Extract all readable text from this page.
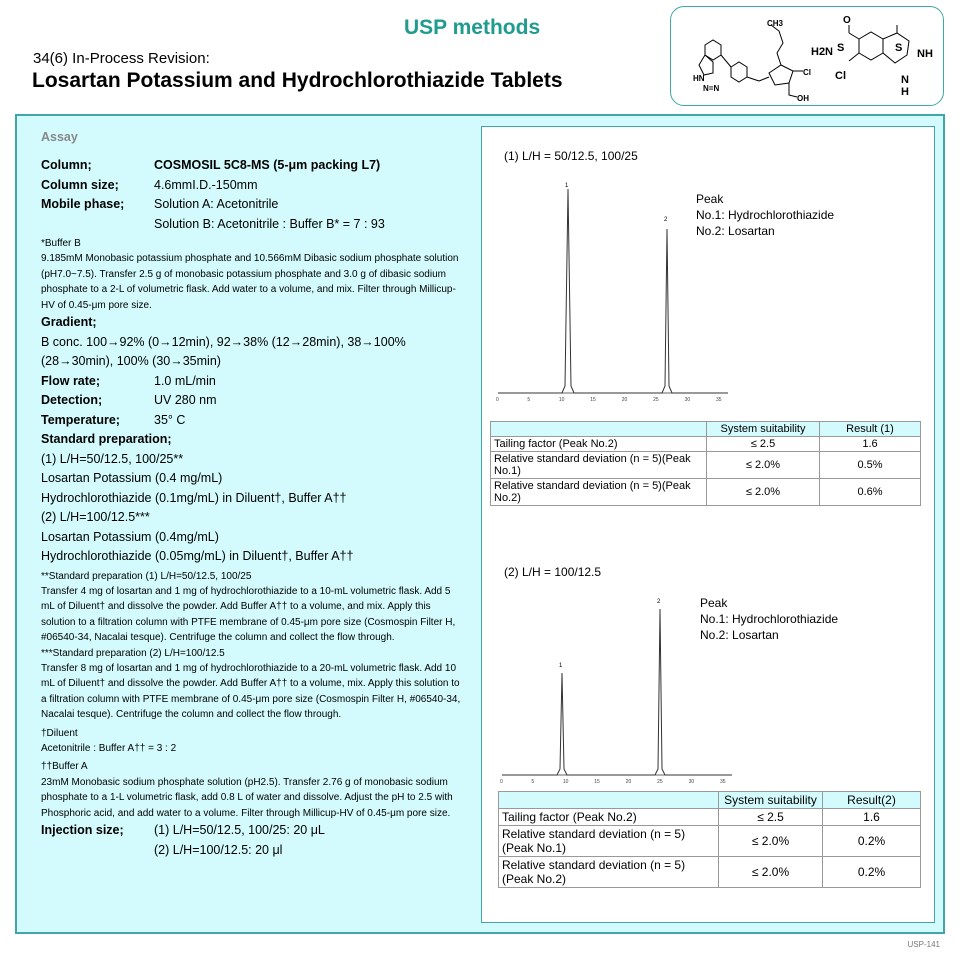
USP methods
34(6) In-Process Revision:
Losartan Potassium and Hydrochlorothiazide Tablets
CH3
HN
N=N
Cl
OH
H2N S	S
Cl
NH
N
H
O
Assay
Column;	COSMOSIL 5C8-MS (5-μm packing L7)
Column size;	4.6mmI.D.-150mm
Mobile phase;	Solution A: Acetonitrile
Solution B: Acetonitrile : Buffer B* = 7 : 93
*Buffer B
9.185mM Monobasic potassium phosphate and 10.566mM Dibasic sodium phosphate solution (pH7.0~7.5). Transfer 2.5 g of monobasic potassium phosphate and 3.0 g of dibasic sodium phosphate to a 2-L of volumetric flask. Add water to a volume, and mix. Filter through Millicup-HV of 0.45-μm pore size.
Gradient;
B conc. 100→92% (0→12min), 92→38% (12→28min), 38→100% (28→30min), 100% (30→35min)
Flow rate;	1.0 mL/min
Detection;	UV 280 nm
Temperature;	35° C
Standard preparation;
(1) L/H=50/12.5, 100/25**
Losartan Potassium (0.4 mg/mL)
Hydrochlorothiazide (0.1mg/mL) in Diluent†, Buffer A††
(2) L/H=100/12.5***
Losartan Potassium (0.4mg/mL)
Hydrochlorothiazide (0.05mg/mL) in Diluent†, Buffer A††
**Standard preparation (1) L/H=50/12.5, 100/25
Transfer 4 mg of losartan and 1 mg of hydrochlorothiazide to a 10-mL volumetric flask. Add 5 mL of Diluent† and dissolve the powder. Add Buffer A†† to a volume, and mix. Apply this solution to a filtration column with PTFE membrane of 0.45-μm pore size (Cosmospin Filter H, #06540-34, Nacalai tesque). Centrifuge the column and collect the flow through.
***Standard preparation (2) L/H=100/12.5
Transfer 8 mg of losartan and 1 mg of hydrochlorothiazide to a 20-mL volumetric flask. Add 10 mL of Diluent† and dissolve the powder. Add Buffer A†† to a volume, mix. Apply this solution to a filtration column with PTFE membrane of 0.45-μm pore size (Cosmospin Filter H, #06540-34, Nacalai tesque). Centrifuge the column and collect the flow through.
†Diluent
Acetonitrile : Buffer A†† = 3 : 2
††Buffer A
23mM Monobasic sodium phosphate solution (pH2.5). Transfer 2.76 g of monobasic sodium phosphate to a 1-L volumetric flask, add 0.8 L of water and dissolve. Adjust the pH to 2.5 with Phosphoric acid, and add water to a volume. Filter through Millicup-HV of 0.45-μm pore size.
Injection size;	(1) L/H=50/12.5, 100/25: 20 μL
(2) L/H=100/12.5: 20 μl
(1) L/H = 50/12.5, 100/25
Peak
No.1: Hydrochlorothiazide
No.2: Losartan
0	5	10	15	20	25	30	35
1
2
	System suitability	Result (1)
Tailing factor (Peak No.2)	≤ 2.5	1.6
Relative standard deviation (n = 5)(Peak No.1)	≤ 2.0%	0.5%
Relative standard deviation (n = 5)(Peak No.2)	≤ 2.0%	0.6%
(2) L/H = 100/12.5
Peak
No.1: Hydrochlorothiazide
No.2: Losartan
0	5	10	15	20	25	30	35
1
2
	System suitability	Result(2)
Tailing factor (Peak No.2)	≤ 2.5	1.6
Relative standard deviation (n = 5)(Peak No.1)	≤ 2.0%	0.2%
Relative standard deviation (n = 5)(Peak No.2)	≤ 2.0%	0.2%
USP-141
